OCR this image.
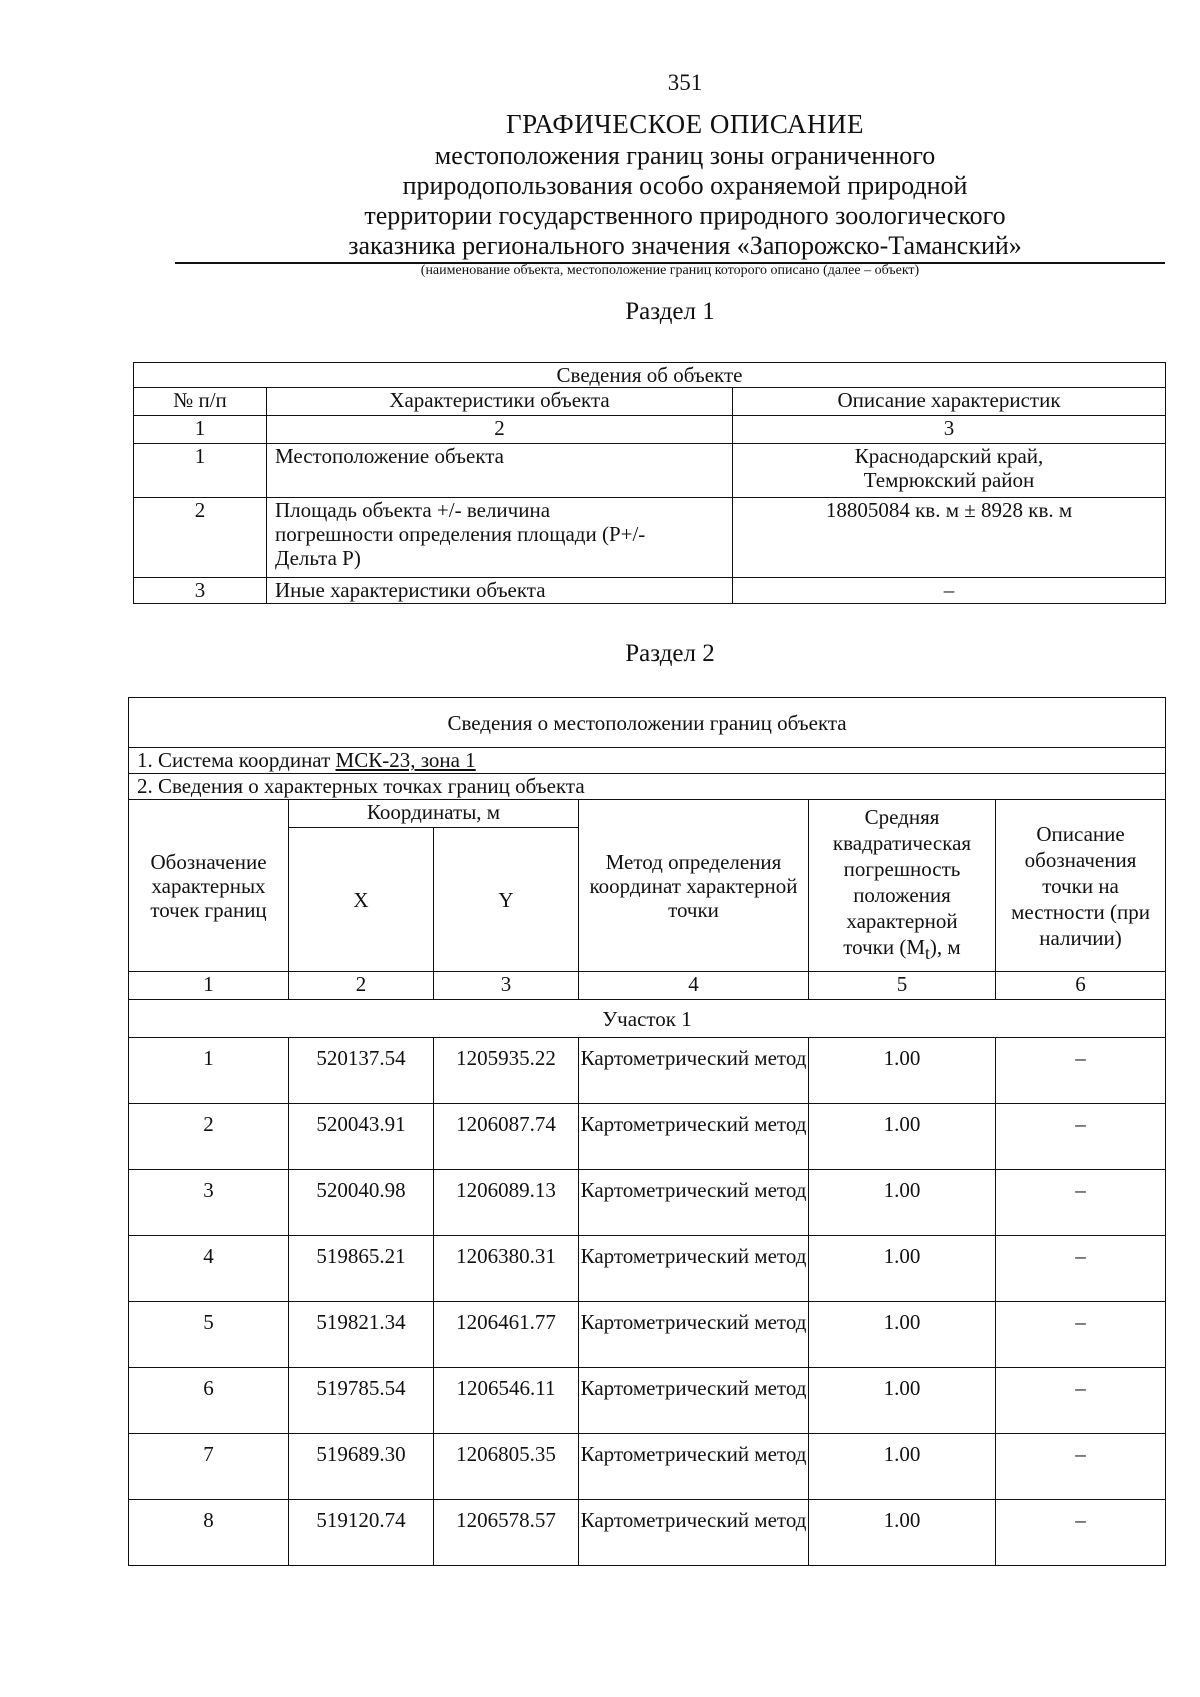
351
ГРАФИЧЕСКОЕ ОПИСАНИЕ
местоположения границ зоны ограниченного
природопользования особо охраняемой природной
территории государственного природного зоологического
заказника регионального значения «Запорожско-Таманский»
(наименование объекта, местоположение границ которого описано (далее – объект)
Раздел 1
Сведения об объекте		
№ п/п	Характеристики объекта	Описание характеристик
1	2	3
1	Местоположение объекта	Краснодарский край, Темрюкский район
2	Площадь объекта +/- величина погрешности определения площади (Р+/- Дельта Р)	18805084 кв. м ± 8928 кв. м
3	Иные характеристики объекта	–
Раздел 2
Сведения о местоположении границ объекта					
1. Система координат МСК-23, зона 1					
2. Сведения о характерных точках границ объекта					
Обозначение характерных точек границ	Координаты, м		Метод определения координат характерной точки	Средняя квадратическая погрешность положения характерной точки $(M_t)$, м	Описание обозначения точки на местности (при наличии)
	X	Y			
1	2	3	4	5	6
Участок 1					
1	520137.54	1205935.22	Картометрический метод	1.00	–
2	520043.91	1206087.74	Картометрический метод	1.00	–
3	520040.98	1206089.13	Картометрический метод	1.00	–
4	519865.21	1206380.31	Картометрический метод	1.00	–
5	519821.34	1206461.77	Картометрический метод	1.00	–
6	519785.54	1206546.11	Картометрический метод	1.00	–
7	519689.30	1206805.35	Картометрический метод	1.00	–
8	519120.74	1206578.57	Картометрический метод	1.00	–
